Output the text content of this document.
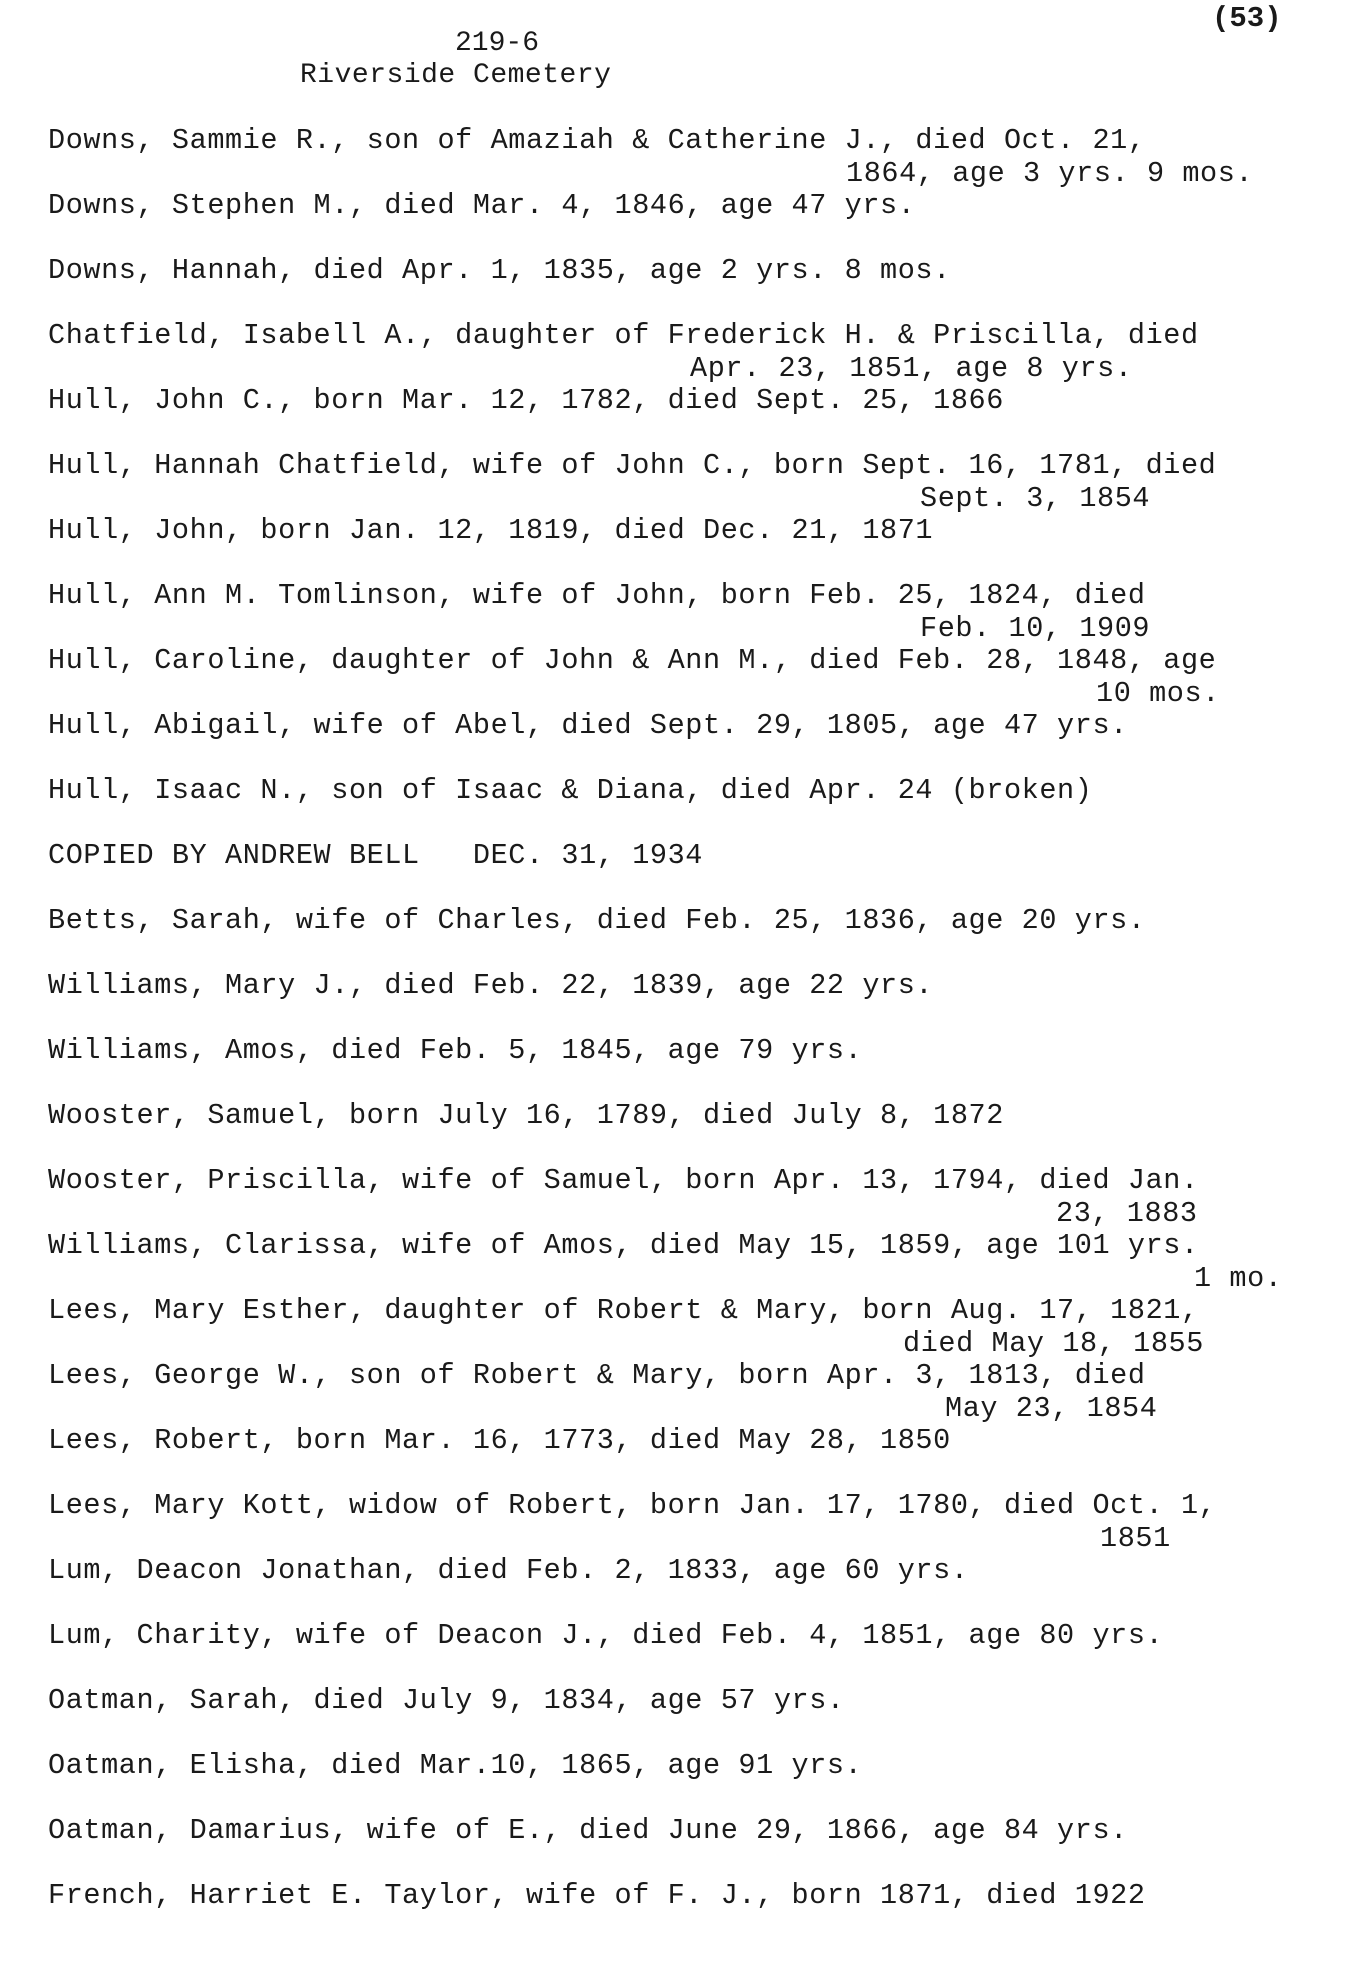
(53)
219-6
Riverside Cemetery
Downs, Sammie R., son of Amaziah & Catherine J., died Oct. 21,
1864, age 3 yrs. 9 mos.
Downs, Stephen M., died Mar. 4, 1846, age 47 yrs.
Downs, Hannah, died Apr. 1, 1835, age 2 yrs. 8 mos.
Chatfield, Isabell A., daughter of Frederick H. & Priscilla, died
Apr. 23, 1851, age 8 yrs.
Hull, John C., born Mar. 12, 1782, died Sept. 25, 1866
Hull, Hannah Chatfield, wife of John C., born Sept. 16, 1781, died
Sept. 3, 1854
Hull, John, born Jan. 12, 1819, died Dec. 21, 1871
Hull, Ann M. Tomlinson, wife of John, born Feb. 25, 1824, died
Feb. 10, 1909
Hull, Caroline, daughter of John & Ann M., died Feb. 28, 1848, age
10 mos.
Hull, Abigail, wife of Abel, died Sept. 29, 1805, age 47 yrs.
Hull, Isaac N., son of Isaac & Diana, died Apr. 24 (broken)
COPIED BY ANDREW BELL   DEC. 31, 1934
Betts, Sarah, wife of Charles, died Feb. 25, 1836, age 20 yrs.
Williams, Mary J., died Feb. 22, 1839, age 22 yrs.
Williams, Amos, died Feb. 5, 1845, age 79 yrs.
Wooster, Samuel, born July 16, 1789, died July 8, 1872
Wooster, Priscilla, wife of Samuel, born Apr. 13, 1794, died Jan.
23, 1883
Williams, Clarissa, wife of Amos, died May 15, 1859, age 101 yrs.
1 mo.
Lees, Mary Esther, daughter of Robert & Mary, born Aug. 17, 1821,
died May 18, 1855
Lees, George W., son of Robert & Mary, born Apr. 3, 1813, died
May 23, 1854
Lees, Robert, born Mar. 16, 1773, died May 28, 1850
Lees, Mary Kott, widow of Robert, born Jan. 17, 1780, died Oct. 1,
1851
Lum, Deacon Jonathan, died Feb. 2, 1833, age 60 yrs.
Lum, Charity, wife of Deacon J., died Feb. 4, 1851, age 80 yrs.
Oatman, Sarah, died July 9, 1834, age 57 yrs.
Oatman, Elisha, died Mar.10, 1865, age 91 yrs.
Oatman, Damarius, wife of E., died June 29, 1866, age 84 yrs.
French, Harriet E. Taylor, wife of F. J., born 1871, died 1922
